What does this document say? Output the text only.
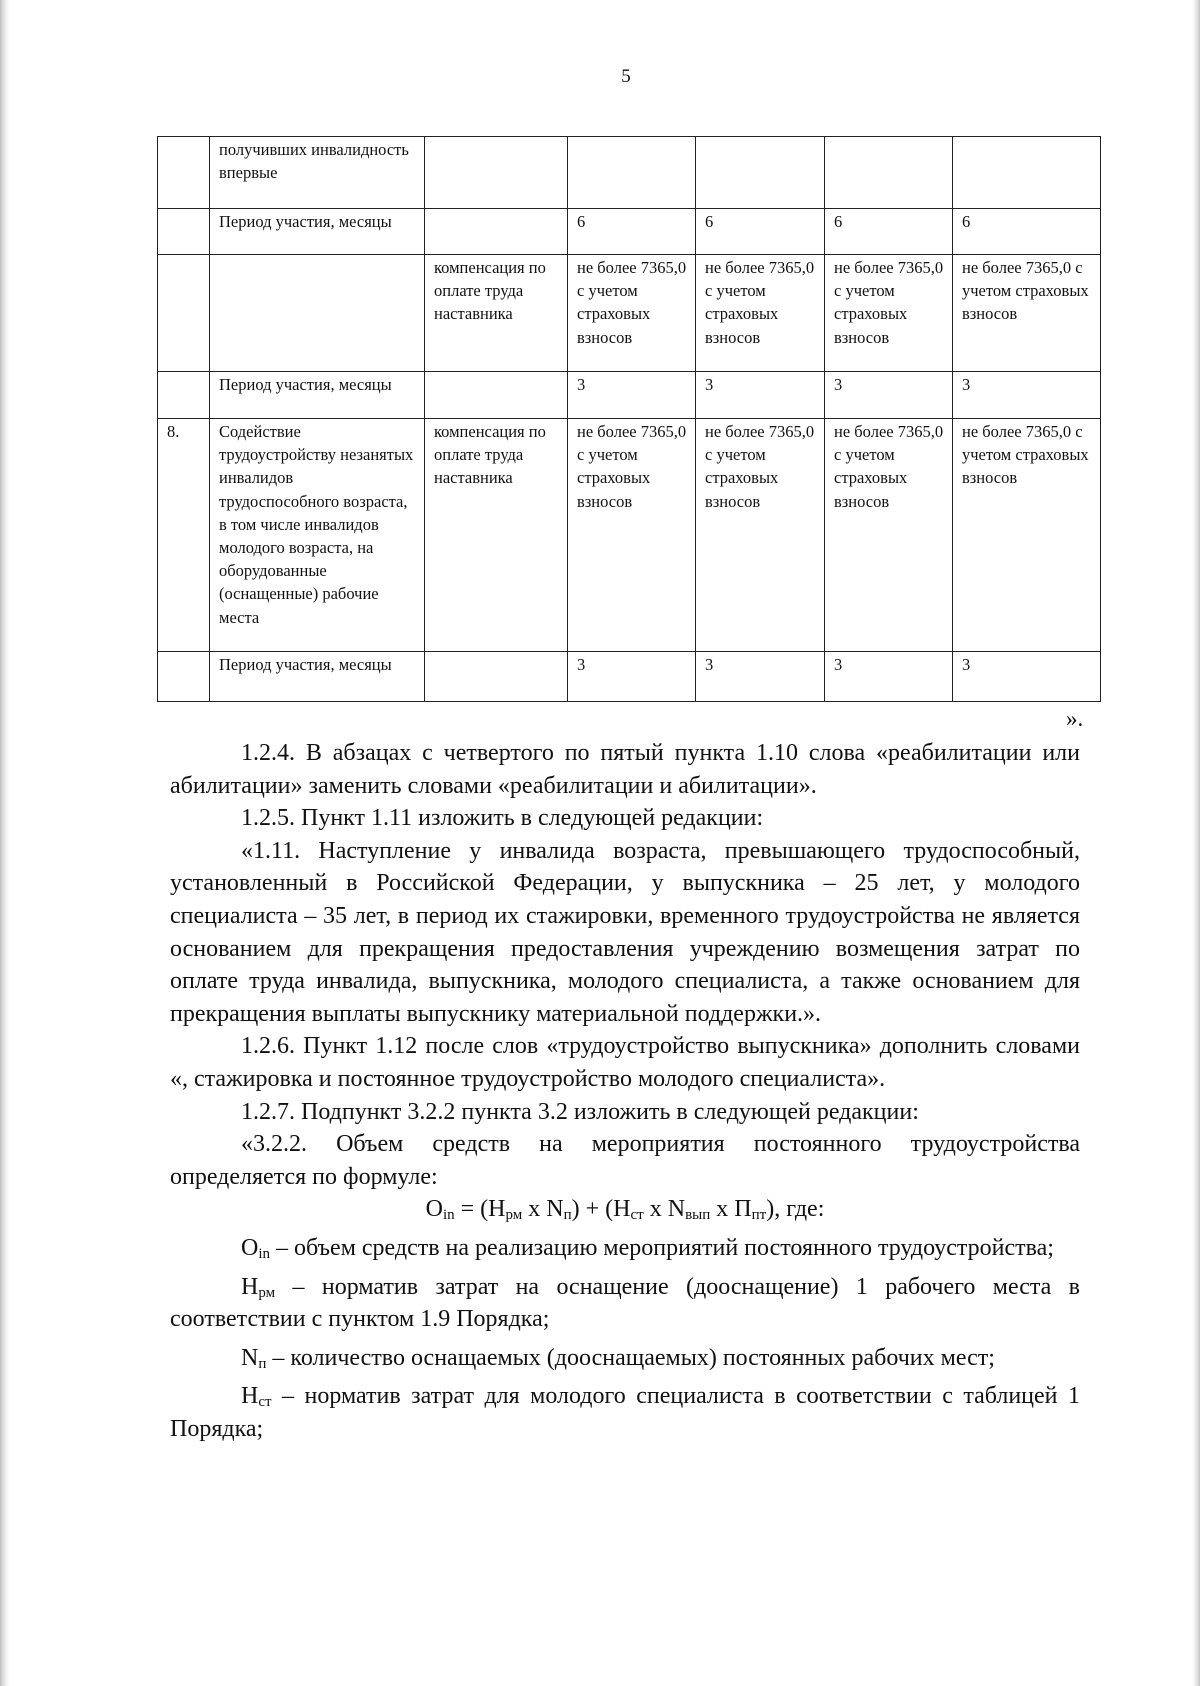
5
	получивших инвалидность впервые					
	Период участия, месяцы		6	6	6	6
		компенсация по оплате труда наставника	не более 7365,0 с учетом страховых взносов	не более 7365,0 с учетом страховых взносов	не более 7365,0 с учетом страховых взносов	не более 7365,0 с учетом страховых взносов
	Период участия, месяцы		3	3	3	3
8.	Содействие трудоустройству незанятых инвалидов трудоспособного возраста, в том числе инвалидов молодого возраста, на оборудованные (оснащенные) рабочие места	компенсация по оплате труда наставника	не более 7365,0 с учетом страховых взносов	не более 7365,0 с учетом страховых взносов	не более 7365,0 с учетом страховых взносов	не более 7365,0 с учетом страховых взносов
	Период участия, месяцы		3	3	3	3
».

1.2.4. В абзацах с четвертого по пятый пункта 1.10 слова «реабилитации или абилитации» заменить словами «реабилитации и абилитации».

1.2.5. Пункт 1.11 изложить в следующей редакции:

«1.11. Наступление у инвалида возраста, превышающего трудоспособный, установленный в Российской Федерации, у выпускника – 25 лет, у молодого специалиста – 35 лет, в период их стажировки, временного трудоустройства не является основанием для прекращения предоставления учреждению возмещения затрат по оплате труда инвалида, выпускника, молодого специалиста, а также основанием для прекращения выплаты выпускнику материальной поддержки.».

1.2.6. Пункт 1.12 после слов «трудоустройство выпускника» дополнить словами «, стажировка и постоянное трудоустройство молодого специалиста».

1.2.7. Подпункт 3.2.2 пункта 3.2 изложить в следующей редакции:

«3.2.2. Объем средств на мероприятия постоянного трудоустройства определяется по формуле:

$O_{in} = (H_{рм}$ x $N_п) + (H_{ст}$ x $N_{вып}$ x $П_{пт}$), где:

$O_{in}$ – объем средств на реализацию мероприятий постоянного трудоустройства;

$H_{рм}$ – норматив затрат на оснащение (дооснащение) 1 рабочего места в соответствии с пунктом 1.9 Порядка;

$N_п$ – количество оснащаемых (дооснащаемых) постоянных рабочих мест;

$H_{ст}$ – норматив затрат для молодого специалиста в соответствии с таблицей 1 Порядка;
